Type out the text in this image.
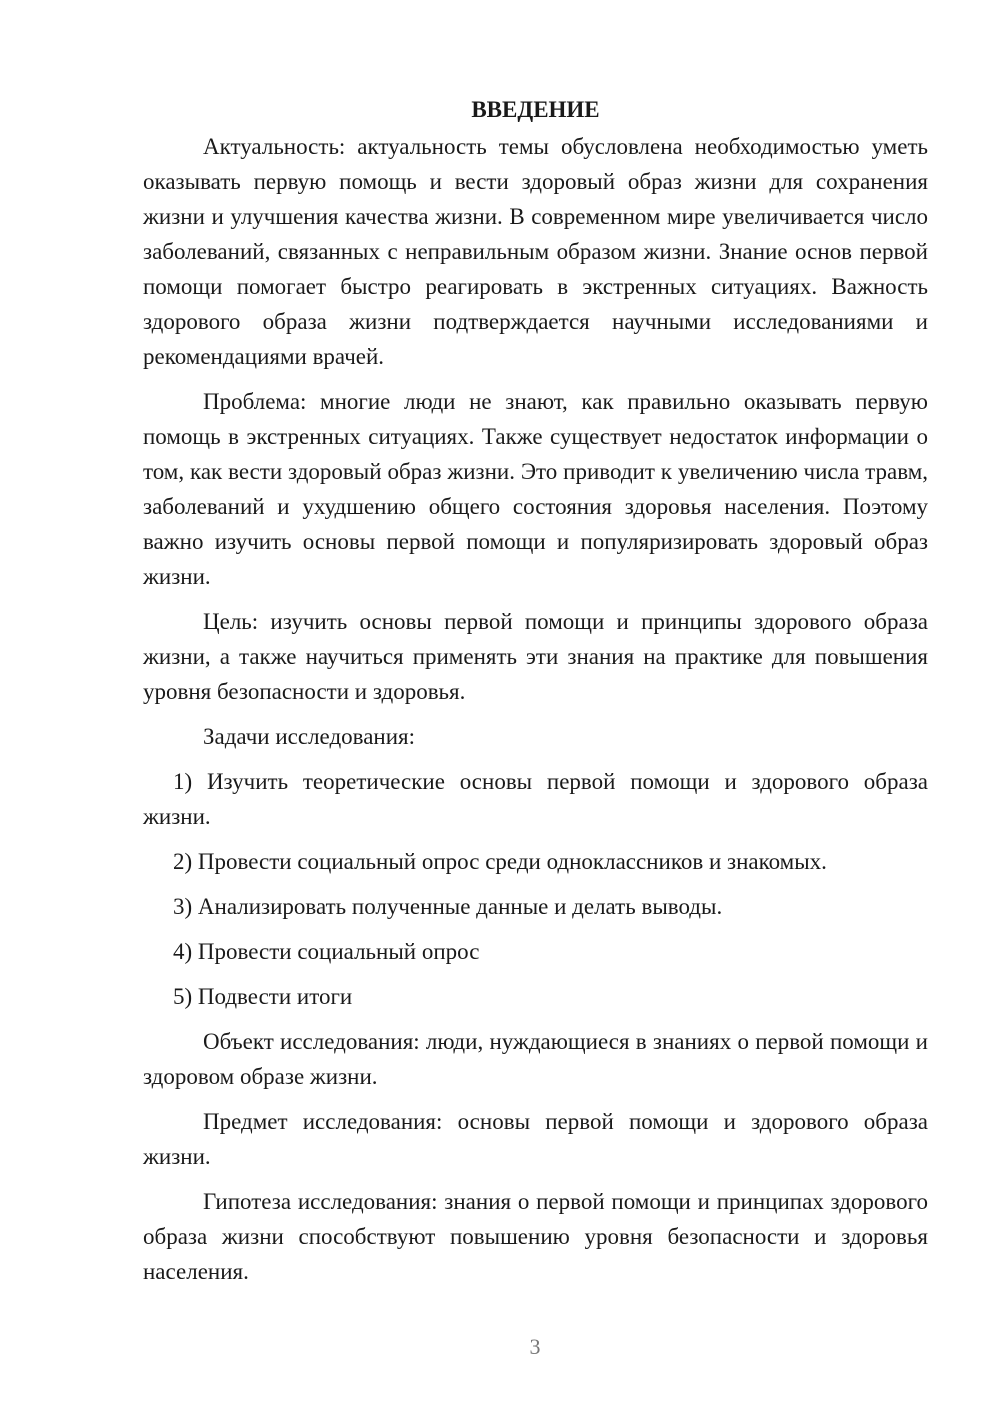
ВВЕДЕНИЕ

Актуальность: актуальность темы обусловлена необходимостью уметь оказывать первую помощь и вести здоровый образ жизни для сохранения жизни и улучшения качества жизни. В современном мире увеличивается число заболеваний, связанных с неправильным образом жизни. Знание основ первой помощи помогает быстро реагировать в экстренных ситуациях. Важность здорового образа жизни подтверждается научными исследованиями и рекомендациями врачей.

Проблема: многие люди не знают, как правильно оказывать первую помощь в экстренных ситуациях. Также существует недостаток информации о том, как вести здоровый образ жизни. Это приводит к увеличению числа травм, заболеваний и ухудшению общего состояния здоровья населения. Поэтому важно изучить основы первой помощи и популяризировать здоровый образ жизни.

Цель: изучить основы первой помощи и принципы здорового образа жизни, а также научиться применять эти знания на практике для повышения уровня безопасности и здоровья.

Задачи исследования:

1) Изучить теоретические основы первой помощи и здорового образа жизни.

2) Провести социальный опрос среди одноклассников и знакомых.

3) Анализировать полученные данные и делать выводы.

4) Провести социальный опрос

5) Подвести итоги

Объект исследования: люди, нуждающиеся в знаниях о первой помощи и здоровом образе жизни.

Предмет исследования: основы первой помощи и здорового образа жизни.

Гипотеза исследования: знания о первой помощи и принципах здорового образа жизни способствуют повышению уровня безопасности и здоровья населения.

3
